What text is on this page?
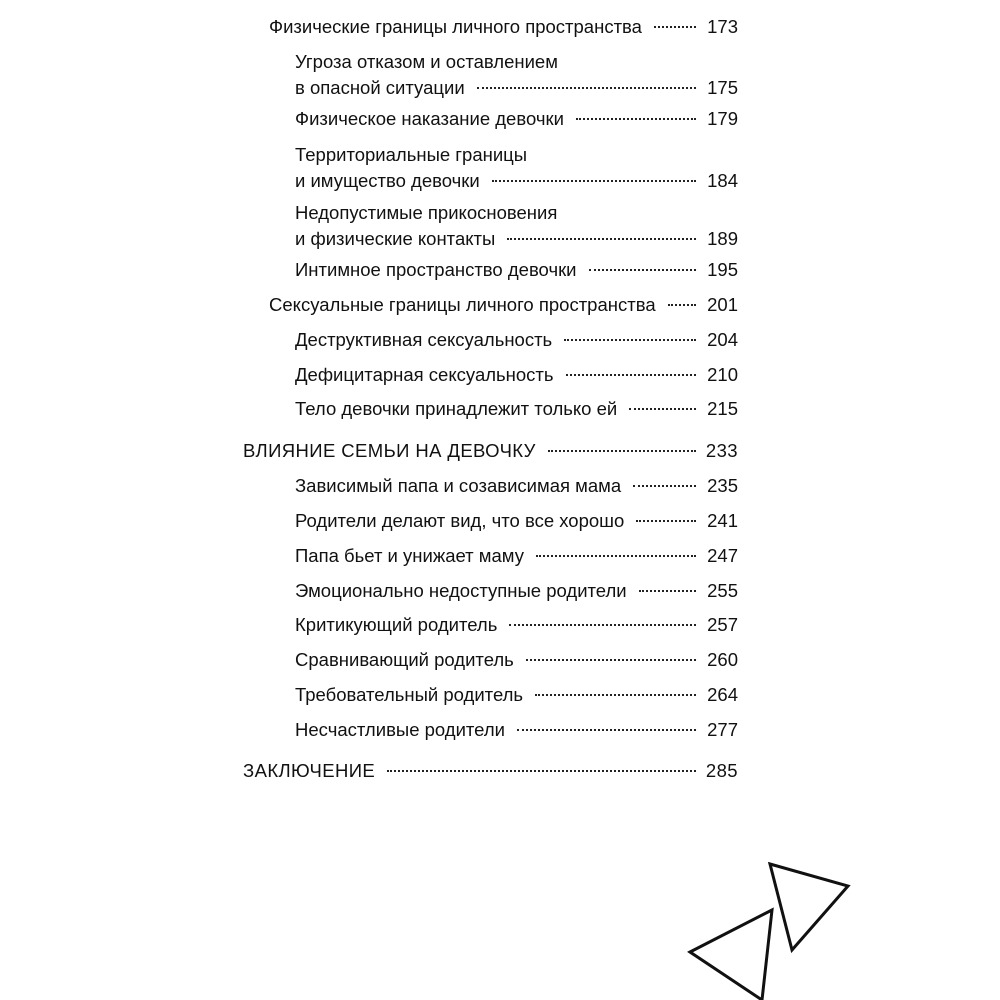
Физические границы личного пространства	173
Угроза отказом и оставлением
в опасной ситуации	175
Физическое наказание девочки	179
Территориальные границы
и имущество девочки	184
Недопустимые прикосновения
и физические контакты	189
Интимное пространство девочки	195
Сексуальные границы личного пространства	201
Деструктивная сексуальность	204
Дефицитарная сексуальность	210
Тело девочки принадлежит только ей	215
ВЛИЯНИЕ СЕМЬИ НА ДЕВОЧКУ	233
Зависимый папа и созависимая мама	235
Родители делают вид, что все хорошо	241
Папа бьет и унижает маму	247
Эмоционально недоступные родители	255
Критикующий родитель	257
Сравнивающий родитель	260
Требовательный родитель	264
Несчастливые родители	277
ЗАКЛЮЧЕНИЕ	285
